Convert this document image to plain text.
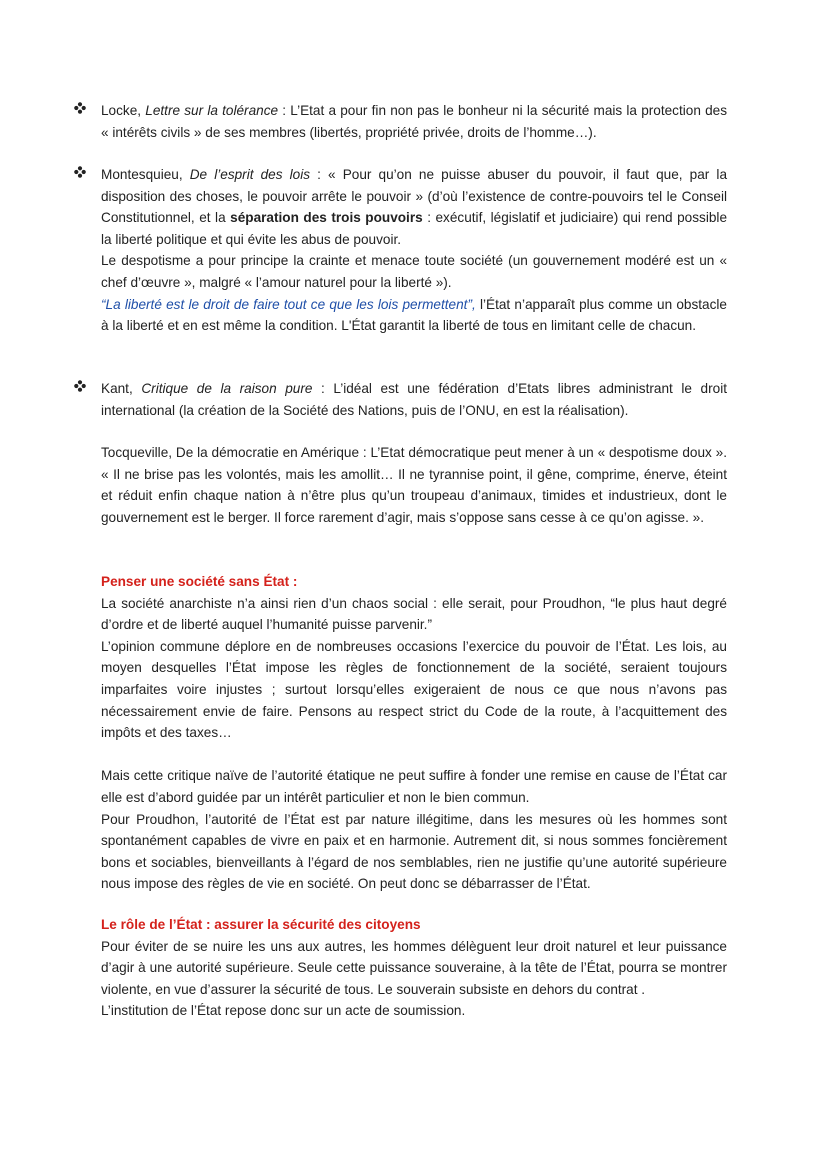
Locke, Lettre sur la tolérance : L’Etat a pour fin non pas le bonheur ni la sécurité mais la protection des « intérêts civils » de ses membres (libertés, propriété privée, droits de l’homme…).

Montesquieu, De l’esprit des lois : « Pour qu’on ne puisse abuser du pouvoir, il faut que, par la disposition des choses, le pouvoir arrête le pouvoir » (d’où l’existence de contre-pouvoirs tel le Conseil Constitutionnel, et la séparation des trois pouvoirs : exécutif, législatif et judiciaire) qui rend possible la liberté politique et qui évite les abus de pouvoir.

Le despotisme a pour principe la crainte et menace toute société (un gouvernement modéré est un « chef d’œuvre », malgré « l’amour naturel pour la liberté »).

“La liberté est le droit de faire tout ce que les lois permettent”, l’État n’apparaît plus comme un obstacle à la liberté et en est même la condition. L'État garantit la liberté de tous en limitant celle de chacun.

Kant, Critique de la raison pure : L’idéal est une fédération d’Etats libres administrant le droit international (la création de la Société des Nations, puis de l’ONU, en est la réalisation).

Tocqueville, De la démocratie en Amérique : L’Etat démocratique peut mener à un « despotisme doux ». « Il ne brise pas les volontés, mais les amollit… Il ne tyrannise point, il gêne, comprime, énerve, éteint et réduit enfin chaque nation à n’être plus qu’un troupeau d’animaux, timides et industrieux, dont le gouvernement est le berger. Il force rarement d’agir, mais s’oppose sans cesse à ce qu’on agisse. ».

Penser une société sans État :

La société anarchiste n’a ainsi rien d’un chaos social : elle serait, pour Proudhon, “le plus haut degré d’ordre et de liberté auquel l’humanité puisse parvenir.”

L’opinion commune déplore en de nombreuses occasions l’exercice du pouvoir de l’État. Les lois, au moyen desquelles l’État impose les règles de fonctionnement de la société, seraient toujours imparfaites voire injustes ; surtout lorsqu’elles exigeraient de nous ce que nous n’avons pas nécessairement envie de faire. Pensons au respect strict du Code de la route, à l’acquittement des impôts et des taxes…

Mais cette critique naïve de l’autorité étatique ne peut suffire à fonder une remise en cause de l’État car elle est d’abord guidée par un intérêt particulier et non le bien commun.

Pour Proudhon, l’autorité de l’État est par nature illégitime, dans les mesures où les hommes sont spontanément capables de vivre en paix et en harmonie. Autrement dit, si nous sommes foncièrement bons et sociables, bienveillants à l’égard de nos semblables, rien ne justifie qu’une autorité supérieure nous impose des règles de vie en société. On peut donc se débarrasser de l’État.

Le rôle de l’État : assurer la sécurité des citoyens

Pour éviter de se nuire les uns aux autres, les hommes délèguent leur droit naturel et leur puissance d’agir à une autorité supérieure. Seule cette puissance souveraine, à la tête de l’État, pourra se montrer violente, en vue d’assurer la sécurité de tous. Le souverain subsiste en dehors du contrat .

L’institution de l’État repose donc sur un acte de soumission.
